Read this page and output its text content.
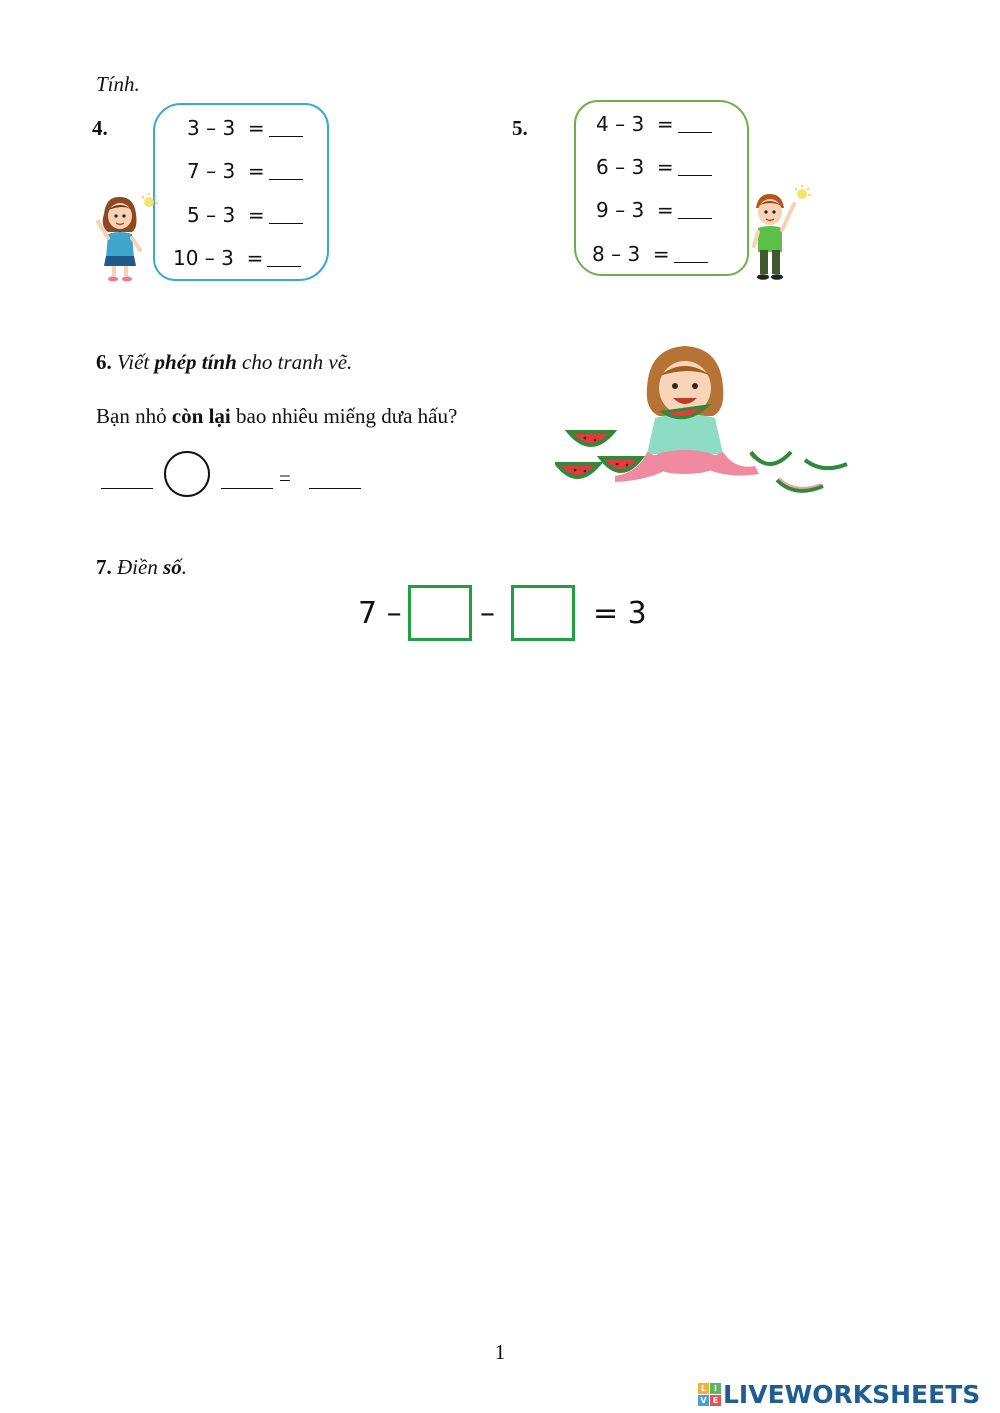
Tính.
4.	3 – 3  =
7 – 3  =
5 – 3  =
10 – 3  =
5.	4 – 3  =
6 – 3  =
9 – 3  =
8 – 3  =
6. Viết phép tính cho tranh vẽ.
Bạn nhỏ còn lại bao nhiêu miếng dưa hấu?
=
7. Điền số.
7 –	–	= 3
1
L I
V E LIVEWORKSHEETS
